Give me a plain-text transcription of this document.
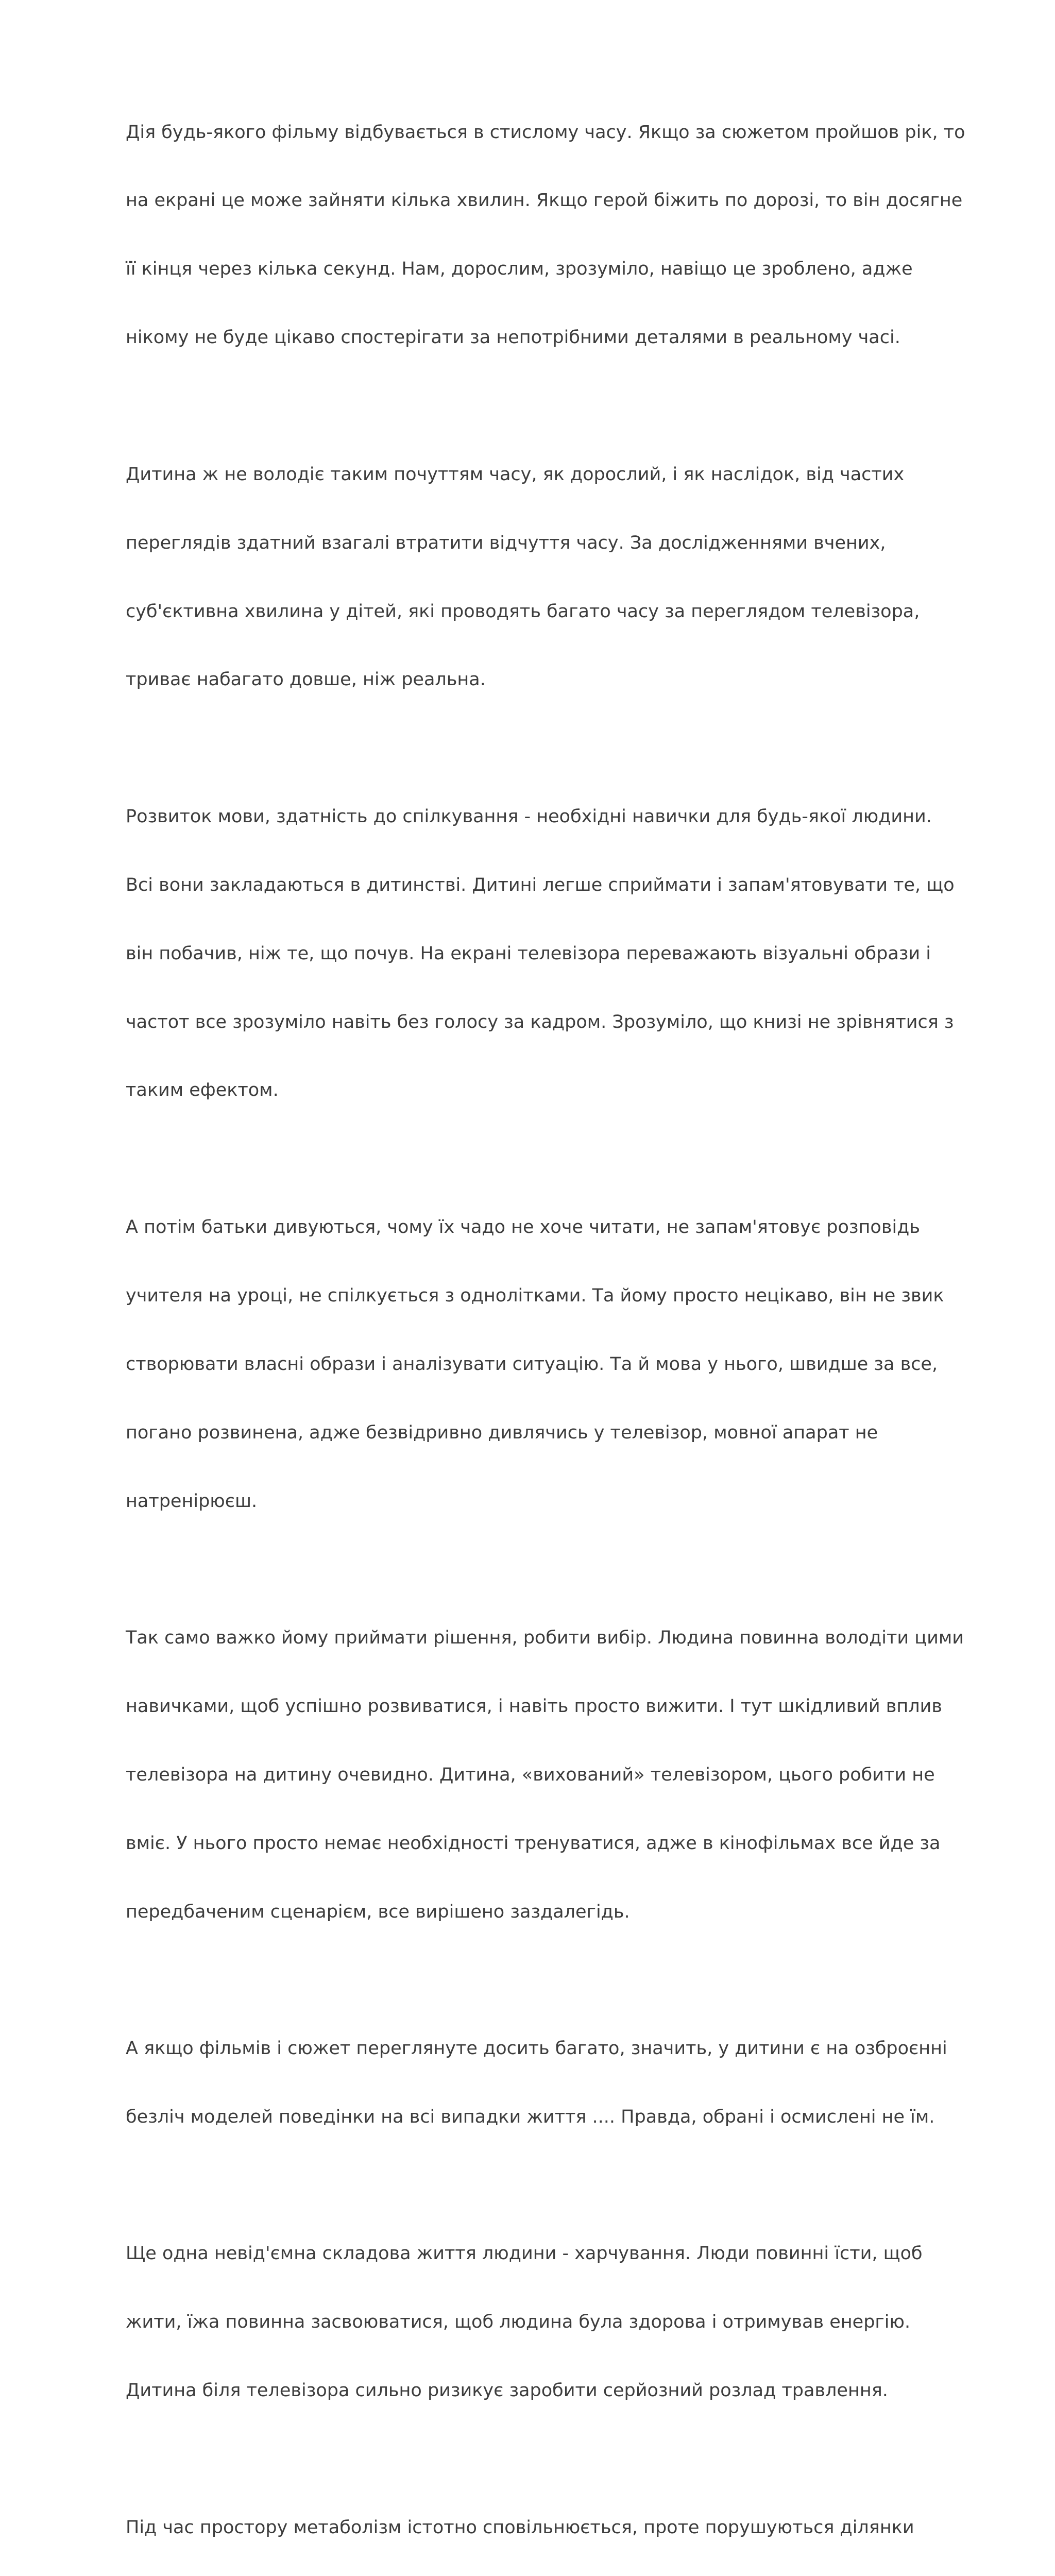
Дія будь-якого фільму відбувається в стислому часу. Якщо за сюжетом пройшов рік, то

на екрані це може зайняти кілька хвилин. Якщо герой біжить по дорозі, то він досягне

її кінця через кілька секунд. Нам, дорослим, зрозуміло, навіщо це зроблено, адже

нікому не буде цікаво спостерігати за непотрібними деталями в реальному часі.

Дитина ж не володіє таким почуттям часу, як дорослий, і як наслідок, від частих

переглядів здатний взагалі втратити відчуття часу. За дослідженнями вчених,

суб'єктивна хвилина у дітей, які проводять багато часу за переглядом телевізора,

триває набагато довше, ніж реальна.

Розвиток мови, здатність до спілкування - необхідні навички для будь-якої людини.

Всі вони закладаються в дитинстві. Дитині легше сприймати і запам'ятовувати те, що

він побачив, ніж те, що почув. На екрані телевізора переважають візуальні образи і

частот все зрозуміло навіть без голосу за кадром. Зрозуміло, що книзі не зрівнятися з

таким ефектом.

А потім батьки дивуються, чому їх чадо не хоче читати, не запам'ятовує розповідь

учителя на уроці, не спілкується з однолітками. Та йому просто нецікаво, він не звик

створювати власні образи і аналізувати ситуацію. Та й мова у нього, швидше за все,

погано розвинена, адже безвідривно дивлячись у телевізор, мовної апарат не

натренірюєш.

Так само важко йому приймати рішення, робити вибір. Людина повинна володіти цими

навичками, щоб успішно розвиватися, і навіть просто вижити. І тут шкідливий вплив

телевізора на дитину очевидно. Дитина, «вихований» телевізором, цього робити не

вміє. У нього просто немає необхідності тренуватися, адже в кінофільмах все йде за

передбаченим сценарієм, все вирішено заздалегідь.

А якщо фільмів і сюжет переглянуте досить багато, значить, у дитини є на озброєнні

безліч моделей поведінки на всі випадки життя .... Правда, обрані і осмислені не їм.

Ще одна невід'ємна складова життя людини - харчування. Люди повинні їсти, щоб

жити, їжа повинна засвоюватися, щоб людина була здорова і отримував енергію.

Дитина біля телевізора сильно ризикує заробити серйозний розлад травлення.

Під час простору метаболізм істотно сповільнюється, проте порушуються ділянки
